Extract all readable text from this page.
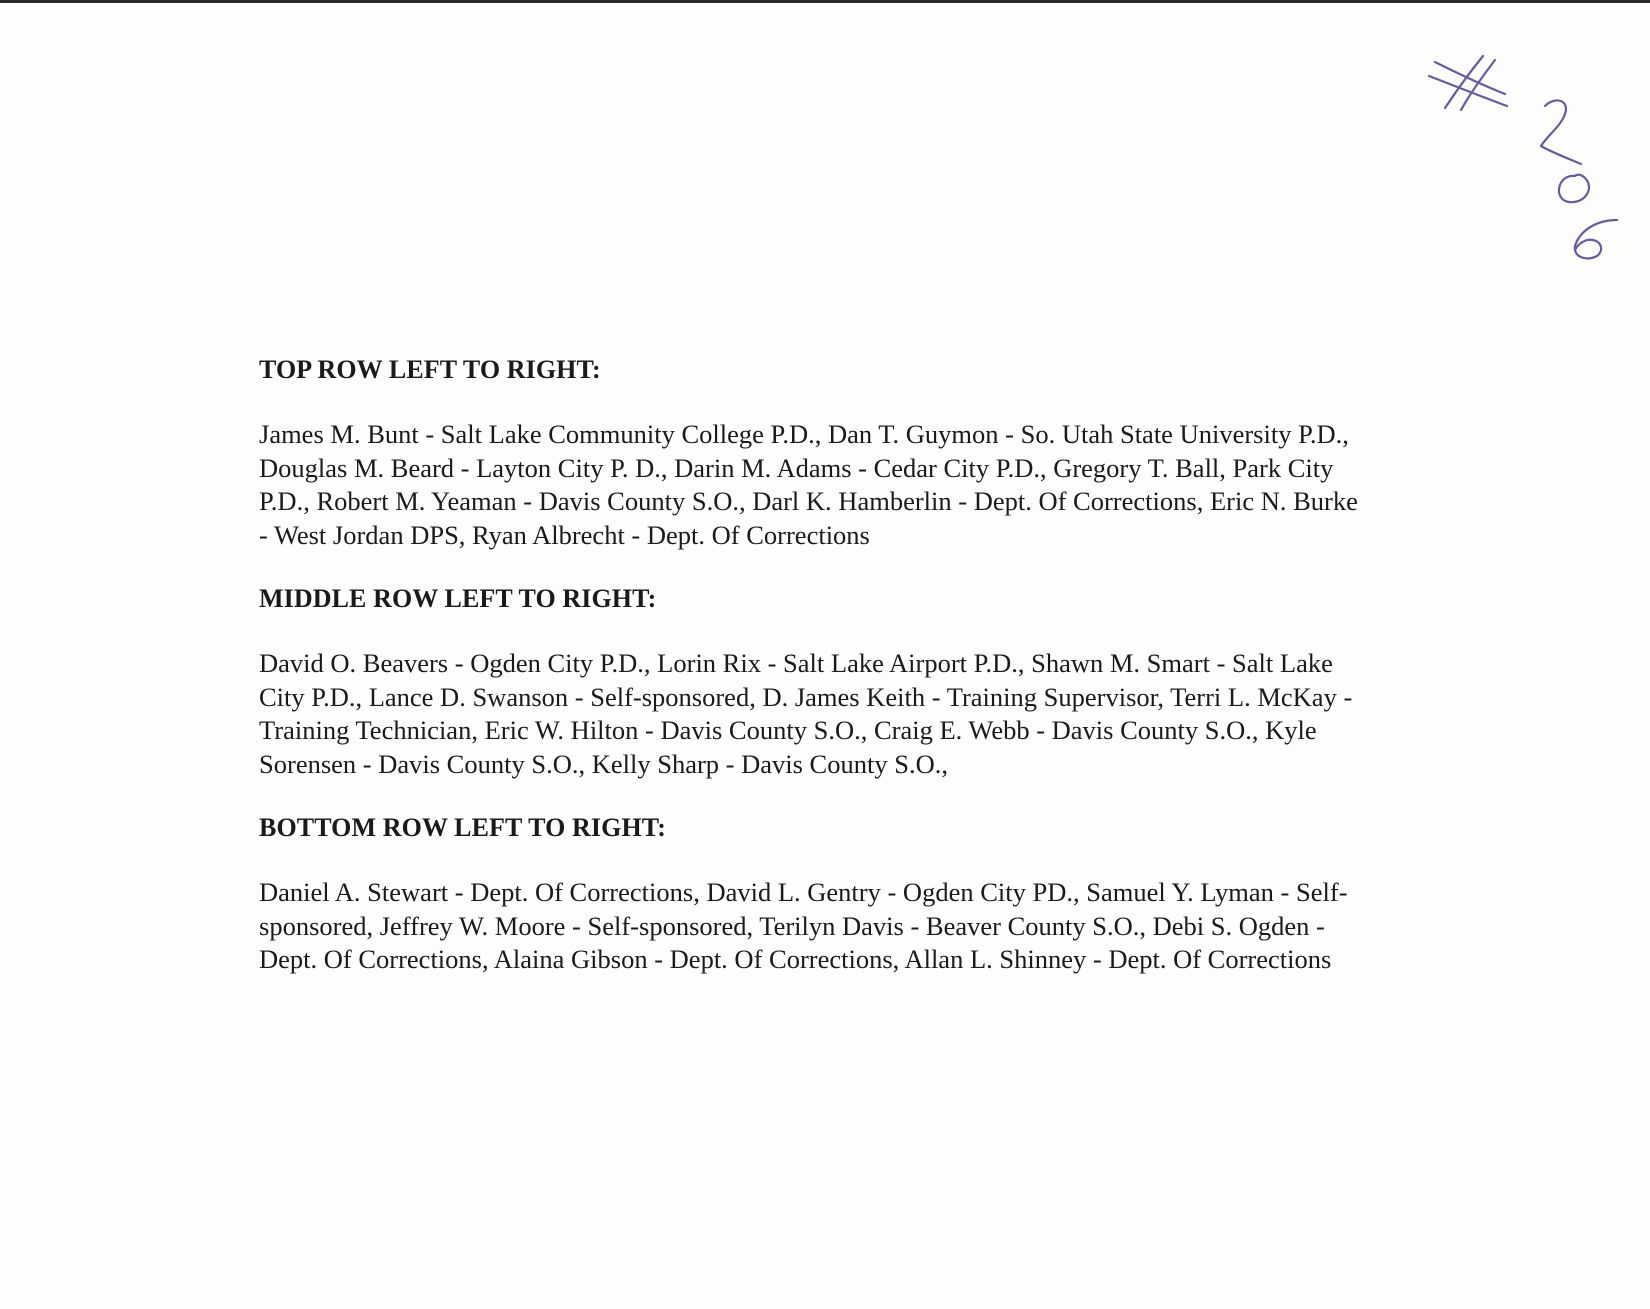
TOP ROW LEFT TO RIGHT:

James M. Bunt - Salt Lake Community College P.D., Dan T. Guymon - So. Utah State University P.D., Douglas M. Beard - Layton City P. D., Darin M. Adams - Cedar City P.D., Gregory T. Ball, Park City P.D., Robert M. Yeaman - Davis County S.O., Darl K. Hamberlin - Dept. Of Corrections, Eric N. Burke - West Jordan DPS, Ryan Albrecht - Dept. Of Corrections

MIDDLE ROW LEFT TO RIGHT:

David O. Beavers - Ogden City P.D., Lorin Rix - Salt Lake Airport P.D., Shawn M. Smart - Salt Lake City P.D., Lance D. Swanson - Self-sponsored, D. James Keith - Training Supervisor, Terri L. McKay - Training Technician, Eric W. Hilton - Davis County S.O., Craig E. Webb - Davis County S.O., Kyle Sorensen - Davis County S.O., Kelly Sharp - Davis County S.O.,

BOTTOM ROW LEFT TO RIGHT:

Daniel A. Stewart - Dept. Of Corrections, David L. Gentry - Ogden City PD., Samuel Y. Lyman - Self-sponsored, Jeffrey W. Moore - Self-sponsored, Terilyn Davis - Beaver County S.O., Debi S. Ogden - Dept. Of Corrections, Alaina Gibson - Dept. Of Corrections, Allan L. Shinney - Dept. Of Corrections
